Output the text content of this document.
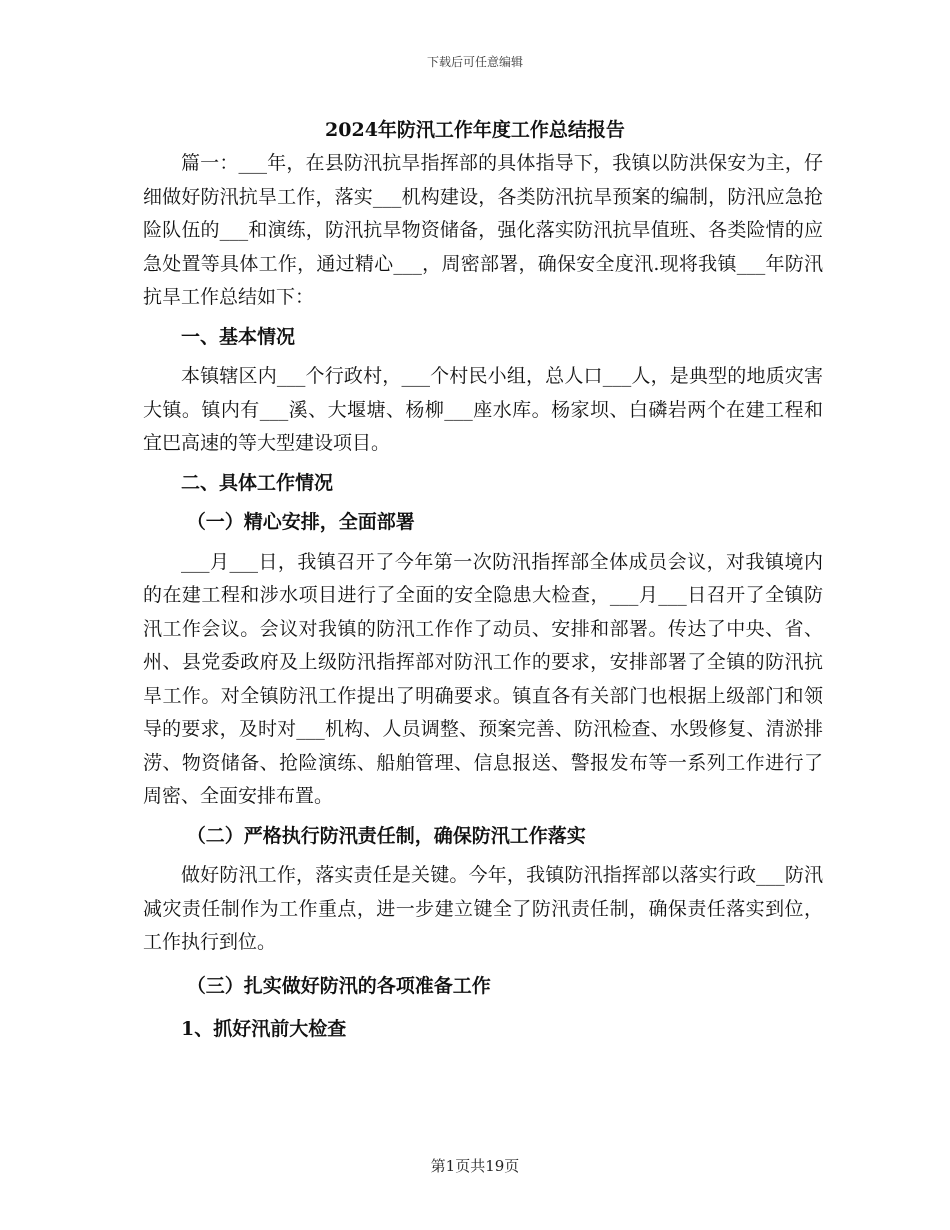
下载后可任意编辑
2024年防汛工作年度工作总结报告

篇一：___年，在县防汛抗旱指挥部的具体指导下，我镇以防洪保安为主，仔细做好防汛抗旱工作，落实___机构建设，各类防汛抗旱预案的编制，防汛应急抢险队伍的___和演练，防汛抗旱物资储备，强化落实防汛抗旱值班、各类险情的应急处置等具体工作，通过精心___，周密部署，确保安全度汛.现将我镇___年防汛抗旱工作总结如下：

一、基本情况

本镇辖区内___个行政村，___个村民小组，总人口___人，是典型的地质灾害大镇。镇内有___溪、大堰塘、杨柳___座水库。杨家坝、白磷岩两个在建工程和宜巴高速的等大型建设项目。

二、具体工作情况

（一）精心安排，全面部署

___月___日，我镇召开了今年第一次防汛指挥部全体成员会议，对我镇境内的在建工程和涉水项目进行了全面的安全隐患大检查，___月___日召开了全镇防汛工作会议。会议对我镇的防汛工作作了动员、安排和部署。传达了中央、省、州、县党委政府及上级防汛指挥部对防汛工作的要求，安排部署了全镇的防汛抗旱工作。对全镇防汛工作提出了明确要求。镇直各有关部门也根据上级部门和领导的要求，及时对___机构、人员调整、预案完善、防汛检查、水毁修复、清淤排涝、物资储备、抢险演练、船舶管理、信息报送、警报发布等一系列工作进行了周密、全面安排布置。

（二）严格执行防汛责任制，确保防汛工作落实

做好防汛工作，落实责任是关键。今年，我镇防汛指挥部以落实行政___防汛减灾责任制作为工作重点，进一步建立键全了防汛责任制，确保责任落实到位，工作执行到位。

（三）扎实做好防汛的各项准备工作

1、抓好汛前大检查

第1页共19页
